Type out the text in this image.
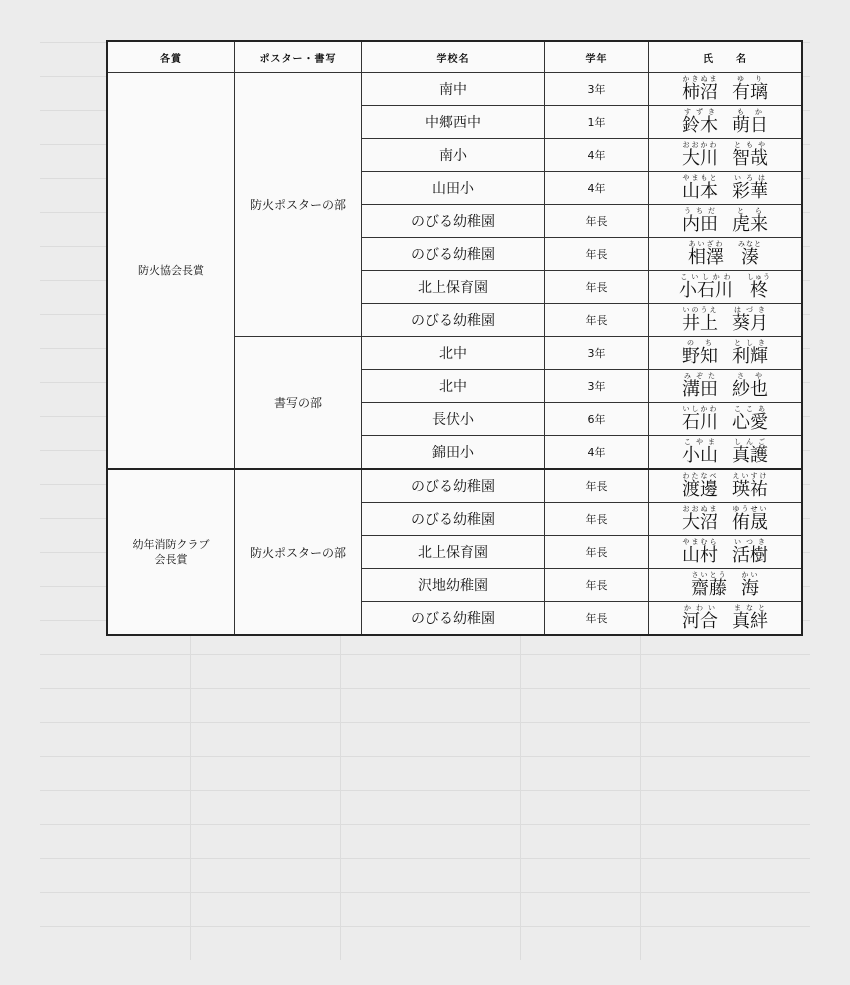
各賞	ポスター・書写	学校名	学年	氏　　名
防火協会長賞	防火ポスターの部	南中	3年	柿沼かきぬま有璃ゆり
		中郷西中	1年	鈴木すずき萌日もか
		南小	4年	大川おおかわ智哉ともや
		山田小	4年	山本やまもと彩華いろは
		のびる幼稚園	年長	内田うちだ虎来とら
		のびる幼稚園	年長	相澤あいざわ湊みなと
		北上保育園	年長	小石川こいしかわ柊しゅう
		のびる幼稚園	年長	井上いのうえ葵月はづき
	書写の部	北中	3年	野知のち利輝としき
		北中	3年	溝田みぞた紗也さや
		長伏小	6年	石川いしかわ心愛ここあ
		錦田小	4年	小山こやま真護しんご
幼年消防クラブ
会長賞	防火ポスターの部	のびる幼稚園	年長	渡邊わたなべ瑛祐えいすけ
		のびる幼稚園	年長	大沼おおぬま侑晟ゆうせい
		北上保育園	年長	山村やまむら活樹いつき
		沢地幼稚園	年長	齋藤さいとう海かい
		のびる幼稚園	年長	河合かわい真絆まなと
